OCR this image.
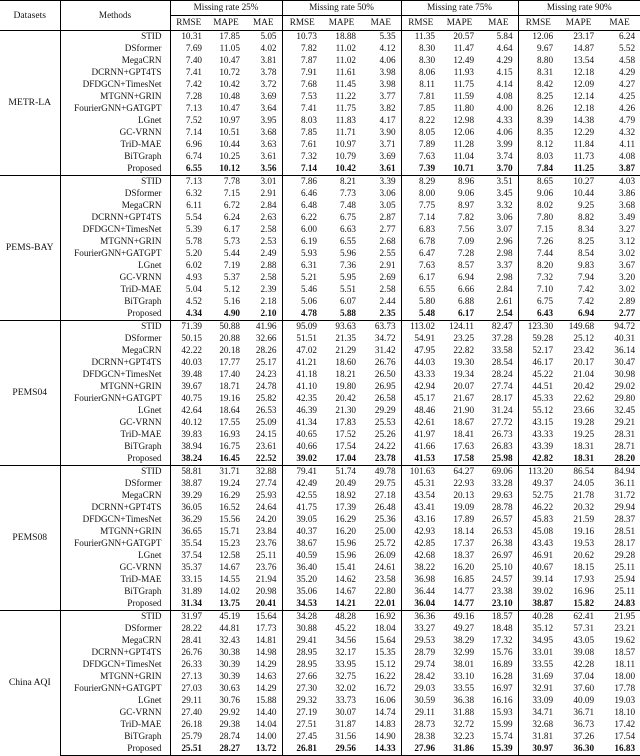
Datasets	Methods	Missing rate 25%			Missing rate 50%			Missing rate 75%			Missing rate 90%		
		RMSE	MAPE	MAE	RMSE	MAPE	MAE	RMSE	MAPE	MAE	RMSE	MAPE	MAE
METR-LA	STID	10.31	17.85	5.05	10.73	18.88	5.35	11.35	20.57	5.84	12.06	23.17	6.24
	DSformer	7.69	11.05	4.02	7.82	11.02	4.12	8.30	11.47	4.64	9.67	14.87	5.52
	MegaCRN	7.40	10.47	3.81	7.87	11.02	4.06	8.30	12.49	4.29	8.80	13.54	4.58
	DCRNN+GPT4TS	7.41	10.72	3.78	7.91	11.61	3.98	8.06	11.93	4.15	8.31	12.18	4.29
	DFDGCN+TimesNet	7.42	10.42	3.72	7.68	11.45	3.98	8.11	11.75	4.14	8.42	12.09	4.27
	MTGNN+GRIN	7.28	10.48	3.69	7.53	11.22	3.77	7.81	11.59	4.08	8.25	12.14	4.25
	FourierGNN+GATGPT	7.13	10.47	3.64	7.41	11.75	3.82	7.85	11.80	4.00	8.26	12.18	4.26
	LGnet	7.52	10.97	3.95	8.03	11.83	4.17	8.22	12.98	4.33	8.39	14.38	4.79
	GC-VRNN	7.14	10.51	3.68	7.85	11.71	3.90	8.05	12.06	4.06	8.35	12.29	4.32
	TriD-MAE	6.96	10.44	3.63	7.61	10.97	3.71	7.89	11.28	3.99	8.12	11.84	4.11
	BiTGraph	6.74	10.25	3.61	7.32	10.79	3.69	7.63	11.04	3.74	8.03	11.73	4.08
	Proposed	6.55	10.12	3.56	7.14	10.42	3.61	7.39	10.71	3.70	7.84	11.25	3.87
PEMS-BAY	STID	7.13	7.78	3.01	7.86	8.21	3.39	8.29	8.96	3.51	8.65	10.27	4.03
	DSformer	6.32	7.15	2.91	6.46	7.73	3.06	8.00	9.06	3.45	9.06	10.44	3.86
	MegaCRN	6.11	6.72	2.84	6.48	7.48	3.05	7.75	8.97	3.32	8.02	9.25	3.68
	DCRNN+GPT4TS	5.54	6.24	2.63	6.22	6.75	2.87	7.14	7.82	3.06	7.80	8.82	3.49
	DFDGCN+TimesNet	5.39	6.17	2.58	6.00	6.63	2.77	6.83	7.56	3.07	7.15	8.34	3.27
	MTGNN+GRIN	5.78	5.73	2.53	6.19	6.55	2.68	6.78	7.09	2.96	7.26	8.25	3.12
	FourierGNN+GATGPT	5.20	5.44	2.49	5.93	5.96	2.55	6.47	7.28	2.98	7.44	8.54	3.02
	LGnet	6.02	7.19	2.88	6.31	7.36	2.91	7.63	8.57	3.37	8.20	9.83	3.67
	GC-VRNN	4.93	5.37	2.58	5.21	5.95	2.69	6.17	6.94	2.98	7.32	7.94	3.20
	TriD-MAE	5.04	5.12	2.39	5.46	5.51	2.58	6.55	6.66	2.84	7.10	7.42	3.02
	BiTGraph	4.52	5.16	2.18	5.06	6.07	2.44	5.80	6.88	2.61	6.75	7.42	2.89
	Proposed	4.34	4.90	2.10	4.78	5.88	2.35	5.48	6.17	2.54	6.43	6.94	2.77
PEMS04	STID	71.39	50.88	41.96	95.09	93.63	63.73	113.02	124.11	82.47	123.30	149.68	94.72
	DSformer	50.15	20.88	32.66	51.51	21.35	34.72	54.91	23.25	37.28	59.28	25.12	40.31
	MegaCRN	42.22	20.18	28.26	47.02	21.29	31.42	47.95	22.82	33.58	52.17	23.42	36.14
	DCRNN+GPT4TS	40.03	17.77	25.17	41.21	18.60	26.76	44.03	19.30	28.54	46.17	20.17	30.47
	DFDGCN+TimesNet	39.48	17.40	24.23	41.18	18.21	26.50	43.33	19.34	28.24	45.22	21.04	30.98
	MTGNN+GRIN	39.67	18.71	24.78	41.10	19.80	26.95	42.94	20.07	27.74	44.51	20.42	29.02
	FourierGNN+GATGPT	40.75	19.16	25.82	42.35	20.42	26.58	45.17	21.67	28.17	45.33	22.62	29.80
	LGnet	42.64	18.64	26.53	46.39	21.30	29.29	48.46	21.90	31.24	55.12	23.66	32.45
	GC-VRNN	40.12	17.55	25.09	41.34	17.83	25.53	42.61	18.67	27.72	43.15	19.28	29.21
	TriD-MAE	39.83	16.93	24.15	40.65	17.52	25.26	41.97	18.41	26.73	43.33	19.25	28.31
	BiTGraph	38.94	16.75	23.61	40.66	17.54	24.22	41.66	17.63	26.83	43.39	18.31	28.71
	Proposed	38.24	16.45	22.52	39.02	17.04	23.78	41.53	17.58	25.98	42.82	18.31	28.20
PEMS08	STID	58.81	31.71	32.88	79.41	51.74	49.78	101.63	64.27	69.06	113.20	86.54	84.94
	DSformer	38.87	19.24	27.74	42.49	20.49	29.75	45.31	22.93	33.28	49.37	24.05	36.11
	MegaCRN	39.29	16.29	25.93	42.55	18.92	27.18	43.54	20.13	29.63	52.75	21.78	31.72
	DCRNN+GPT4TS	36.05	16.52	24.64	41.75	17.39	26.48	43.41	19.09	28.78	46.22	20.32	29.94
	DFDGCN+TimesNet	36.29	15.56	24.20	39.05	16.29	25.36	43.16	17.89	26.57	45.83	21.59	28.37
	MTGNN+GRIN	36.65	15.71	23.84	40.37	16.20	25.00	42.93	18.14	26.53	45.08	19.16	28.51
	FourierGNN+GATGPT	35.54	15.23	23.76	38.67	15.96	25.72	42.85	17.37	26.38	43.43	19.53	28.17
	LGnet	37.54	12.58	25.11	40.59	15.96	26.09	42.68	18.37	26.97	46.91	20.62	29.28
	GC-VRNN	35.37	14.67	23.76	36.40	15.41	24.61	38.22	16.20	25.10	40.67	18.15	25.11
	TriD-MAE	33.15	14.55	21.94	35.20	14.62	23.58	36.98	16.85	24.57	39.14	17.93	25.94
	BiTGraph	31.89	14.02	20.98	35.06	14.67	22.80	36.44	14.77	23.38	39.02	16.96	25.11
	Proposed	31.34	13.75	20.41	34.53	14.21	22.01	36.04	14.77	23.10	38.87	15.82	24.83
China AQI	STID	31.97	45.19	15.64	34.28	48.28	16.92	36.36	49.16	18.57	40.28	62.41	21.95
	DSformer	28.22	44.81	17.73	30.88	45.22	18.04	33.27	49.27	18.48	35.12	57.31	23.21
	MegaCRN	28.41	32.43	14.81	29.41	34.56	15.64	29.53	38.29	17.32	34.95	43.05	19.62
	DCRNN+GPT4TS	26.76	30.38	14.98	28.95	32.17	15.35	28.79	32.99	15.76	33.01	39.08	18.57
	DFDGCN+TimesNet	26.33	30.39	14.29	28.95	33.95	15.12	29.74	38.01	16.89	33.55	42.28	18.11
	MTGNN+GRIN	27.13	30.39	14.63	27.66	32.75	16.22	28.42	33.10	16.28	31.69	37.04	18.00
	FourierGNN+GATGPT	27.03	30.63	14.29	27.30	32.02	16.72	29.03	33.55	16.97	32.91	37.60	17.78
	LGnet	29.11	30.76	15.88	29.32	33.73	16.06	30.59	36.38	16.16	33.09	40.09	19.03
	GC-VRNN	27.40	29.92	14.40	27.19	30.07	14.74	29.11	31.88	15.93	34.71	36.71	18.10
	TriD-MAE	26.18	29.38	14.04	27.51	31.87	14.83	28.73	32.72	15.99	32.68	36.73	17.42
	BiTGraph	25.79	28.74	14.00	27.45	31.56	14.90	28.38	32.23	15.74	31.81	37.26	17.54
	Proposed	25.51	28.27	13.72	26.81	29.56	14.33	27.96	31.86	15.39	30.97	36.30	16.83
